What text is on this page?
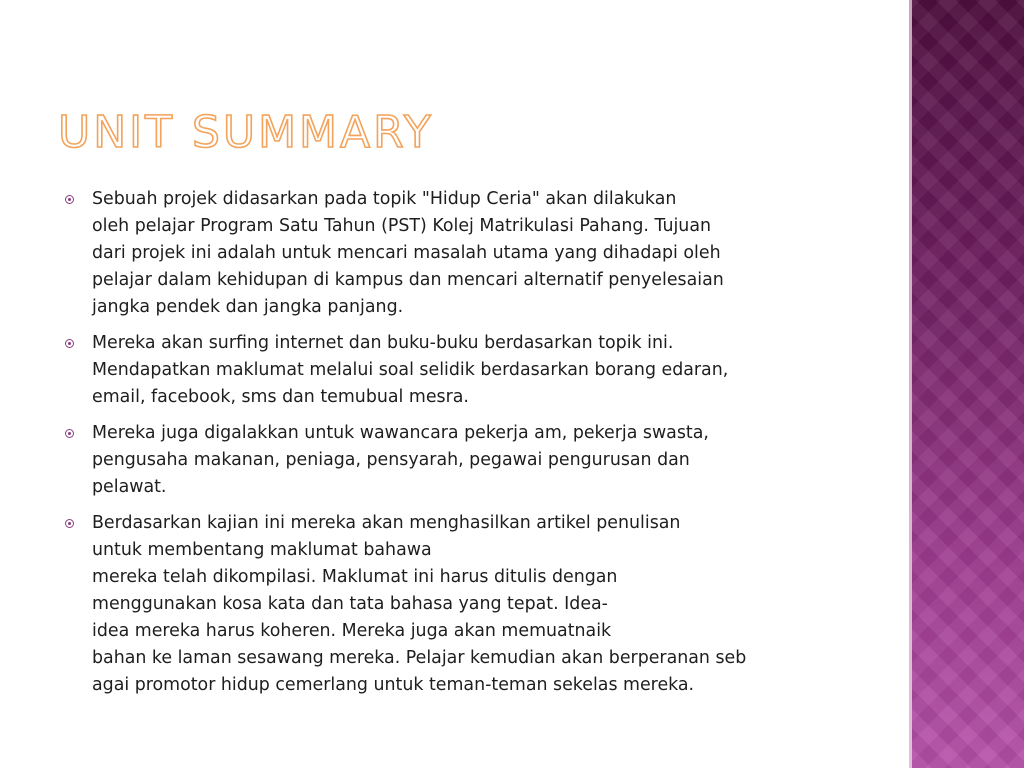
UNIT SUMMARY
Sebuah projek didasarkan pada topik "Hidup Ceria" akan dilakukan
oleh pelajar Program Satu Tahun (PST) Kolej Matrikulasi Pahang. Tujuan
dari projek ini adalah untuk mencari masalah utama yang dihadapi oleh
pelajar dalam kehidupan di kampus dan mencari alternatif penyelesaian
jangka pendek dan jangka panjang.
Mereka akan surfing internet dan buku-buku berdasarkan topik ini.
Mendapatkan maklumat melalui soal selidik berdasarkan borang edaran,
email, facebook, sms dan temubual mesra.
Mereka juga digalakkan untuk wawancara pekerja am, pekerja swasta,
pengusaha makanan, peniaga, pensyarah, pegawai pengurusan dan
pelawat.
Berdasarkan kajian ini mereka akan menghasilkan artikel penulisan
untuk membentang maklumat bahawa
mereka telah dikompilasi. Maklumat ini harus ditulis dengan
menggunakan kosa kata dan tata bahasa yang tepat. Idea-
idea mereka harus koheren. Mereka juga akan memuatnaik
bahan ke laman sesawang mereka. Pelajar kemudian akan berperanan seb
agai promotor hidup cemerlang untuk teman-teman sekelas mereka.
